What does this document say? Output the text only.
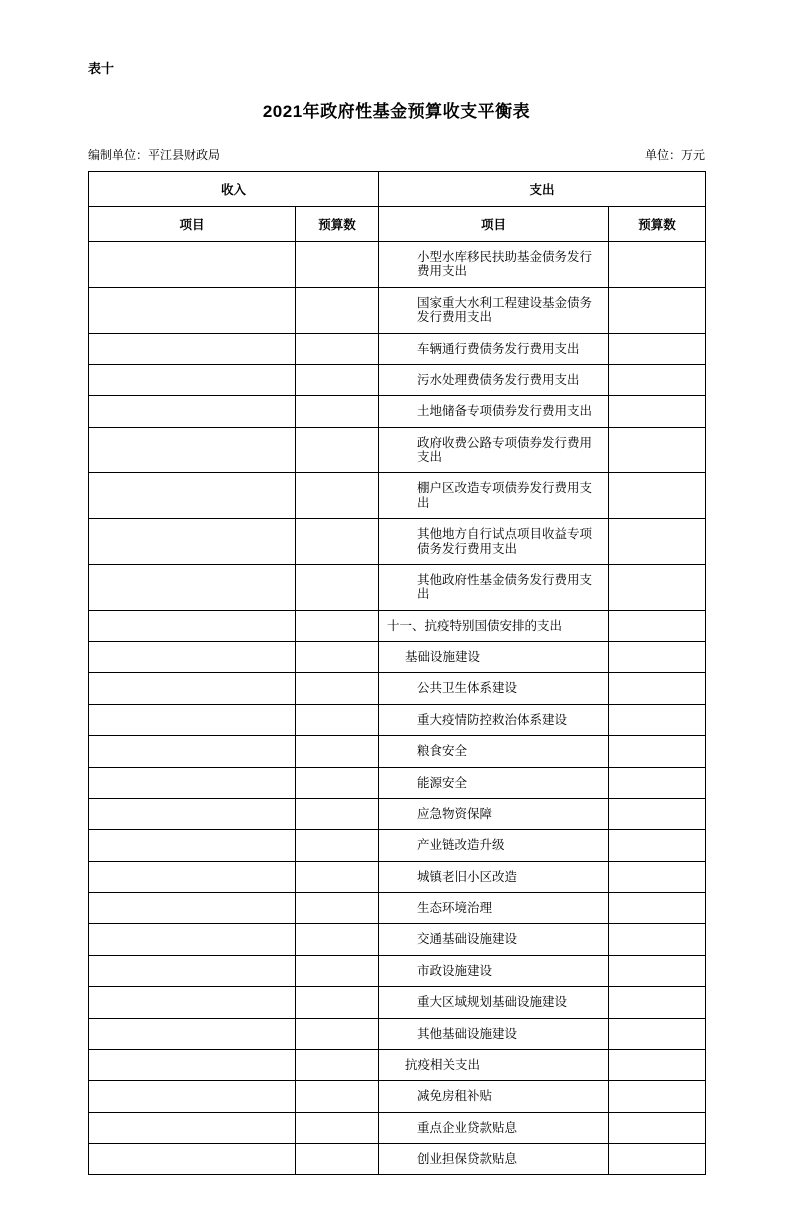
表十
2021年政府性基金预算收支平衡表
编制单位：平江县财政局	单位：万元
收入		支出	
项目	预算数	项目	预算数
		小型水库移民扶助基金债务发行费用支出	
		国家重大水利工程建设基金债务发行费用支出	
		车辆通行费债务发行费用支出	
		污水处理费债务发行费用支出	
		土地储备专项债券发行费用支出	
		政府收费公路专项债券发行费用支出	
		棚户区改造专项债券发行费用支出	
		其他地方自行试点项目收益专项债务发行费用支出	
		其他政府性基金债务发行费用支出	
		十一、抗疫特别国债安排的支出	
		基础设施建设	
		公共卫生体系建设	
		重大疫情防控救治体系建设	
		粮食安全	
		能源安全	
		应急物资保障	
		产业链改造升级	
		城镇老旧小区改造	
		生态环境治理	
		交通基础设施建设	
		市政设施建设	
		重大区域规划基础设施建设	
		其他基础设施建设	
		抗疫相关支出	
		减免房租补贴	
		重点企业贷款贴息	
		创业担保贷款贴息	
